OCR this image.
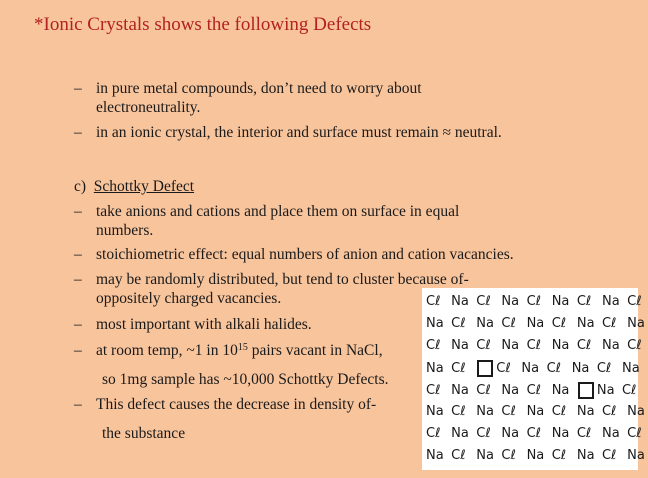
*Ionic Crystals shows the following Defects
– in pure metal compounds, don’t need to worry about
electroneutrality.
– in an ionic crystal, the interior and surface must remain ≈ neutral.
c) Schottky Defect
– take anions and cations and place them on surface in equal
numbers.
– stoichiometric effect: equal numbers of anion and cation vacancies.
– may be randomly distributed, but tend to cluster because of-
oppositely charged vacancies.
– most important with alkali halides.
– at room temp, ~1 in $10^{15}$ pairs vacant in NaCl,
so 1mg sample has ~10,000 Schottky Defects.
– This defect causes the decrease in density of-
the substance
Cℓ Na Cℓ Na Cℓ Na Cℓ Na Cℓ
Na Cℓ Na Cℓ Na Cℓ Na Cℓ Na
Cℓ Na Cℓ Na Cℓ Na Cℓ Na Cℓ
Na Cℓ Cℓ Na Cℓ Na Cℓ Na
Cℓ Na Cℓ Na Cℓ Na Na Cℓ
Na Cℓ Na Cℓ Na Cℓ Na Cℓ Na
Cℓ Na Cℓ Na Cℓ Na Cℓ Na Cℓ
Na Cℓ Na Cℓ Na Cℓ Na Cℓ Na
